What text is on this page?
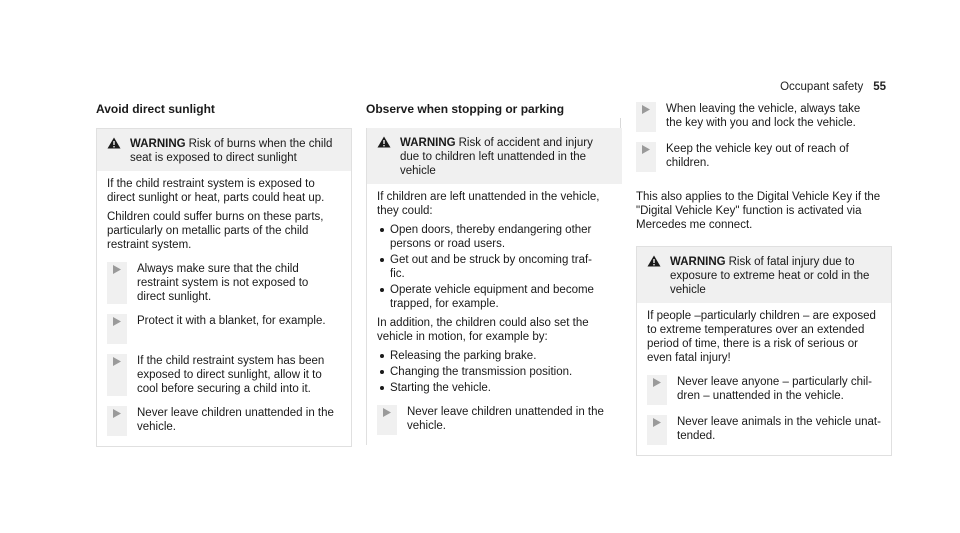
Occupant safety 55
Avoid direct sunlight
WARNING Risk of burns when the child
seat is exposed to direct sunlight

If the child restraint system is exposed to
direct sunlight or heat, parts could heat up.

Children could suffer burns on these parts,
particularly on metallic parts of the child
restraint system.

Always make sure that the child
restraint system is not exposed to
direct sunlight.
Protect it with a blanket, for example.
If the child restraint system has been
exposed to direct sunlight, allow it to
cool before securing a child into it.
Never leave children unattended in the
vehicle.
Observe when stopping or parking
WARNING Risk of accident and injury
due to children left unattended in the
vehicle

If children are left unattended in the vehicle,
they could:

Open doors, thereby endangering other
persons or road users.
Get out and be struck by oncoming traf-
fic.
Operate vehicle equipment and become
trapped, for example.

In addition, the children could also set the
vehicle in motion, for example by:

Releasing the parking brake.
Changing the transmission position.
Starting the vehicle.
Never leave children unattended in the
vehicle.
When leaving the vehicle, always take
the key with you and lock the vehicle.
Keep the vehicle key out of reach of
children.

This also applies to the Digital Vehicle Key if the
"Digital Vehicle Key" function is activated via
Mercedes me connect.

WARNING Risk of fatal injury due to
exposure to extreme heat or cold in the
vehicle

If people –particularly children – are exposed
to extreme temperatures over an extended
period of time, there is a risk of serious or
even fatal injury!

Never leave anyone – particularly chil-
dren – unattended in the vehicle.
Never leave animals in the vehicle unat-
tended.
